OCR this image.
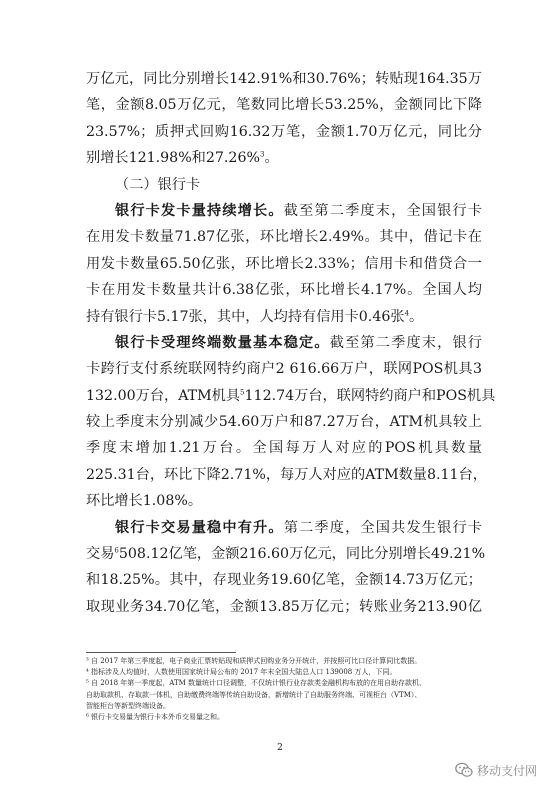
万亿元，同比分别增长142.91%和30.76%；转贴现164.35万
笔，金额8.05万亿元，笔数同比增长53.25%，金额同比下降
23.57%；质押式回购16.32万笔，金额1.70万亿元，同比分
别增长121.98%和27.26%$^3$。
（二）银行卡
银行卡发卡量持续增长。截至第二季度末，全国银行卡
在用发卡数量71.87亿张，环比增长2.49%。其中，借记卡在
用发卡数量65.50亿张，环比增长2.33%；信用卡和借贷合一
卡在用发卡数量共计6.38亿张，环比增长4.17%。全国人均
持有银行卡5.17张，其中，人均持有信用卡0.46张$^4$。
银行卡受理终端数量基本稳定。截至第二季度末，银行
卡跨行支付系统联网特约商户2 616.66万户，联网POS机具3
132.00万台，ATM机具$^5$112.74万台，联网特约商户和POS机具
较上季度末分别减少54.60万户和87.27万台，ATM机具较上
季度末增加1.21万台。全国每万人对应的POS机具数量
225.31台，环比下降2.71%，每万人对应的ATM数量8.11台，
环比增长1.08%。
银行卡交易量稳中有升。第二季度，全国共发生银行卡
交易$^6$508.12亿笔，金额216.60万亿元，同比分别增长49.21%
和18.25%。其中，存现业务19.60亿笔，金额14.73万亿元；
取现业务34.70亿笔，金额13.85万亿元；转账业务213.90亿
³ 自 2017 年第三季度起，电子商业汇票转贴现和质押式回购业务分开统计，并按照可比口径计算同比数据。
⁴ 指标涉及人均值时，人数使用国家统计局公布的 2017 年末全国大陆总人口 139008 万人，下同。
⁵ 自 2018 年第一季度起，ATM 数量统计口径调整，不仅统计银行业存款类金融机构布放的在用自助存款机、
自助取款机、存取款一体机，自助缴费终端等传统自助设备，新增统计了自助服务终端、可视柜台（VTM）、
智能柜台等新型终端设备。
⁶ 银行卡交易量为银行卡本外币交易量之和。
2
移动支付网
